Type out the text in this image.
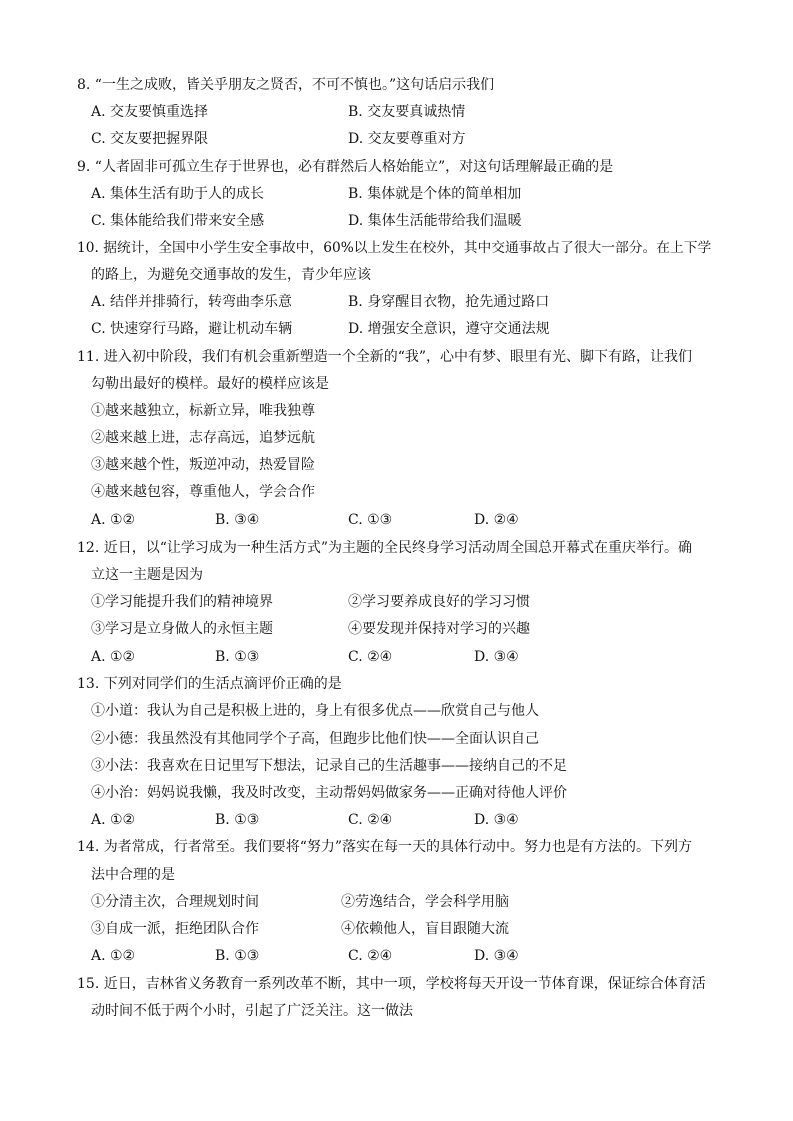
8. “一生之成败，皆关乎朋友之贤否，不可不慎也。”这句话启示我们
A. 交友要慎重选择	B. 交友要真诚热情
C. 交友要把握界限	D. 交友要尊重对方
9. “人者固非可孤立生存于世界也，必有群然后人格始能立”，对这句话理解最正确的是
A. 集体生活有助于人的成长	B. 集体就是个体的简单相加
C. 集体能给我们带来安全感	D. 集体生活能带给我们温暖
10. 据统计，全国中小学生安全事故中，60%以上发生在校外，其中交通事故占了很大一部分。在上下学
的路上，为避免交通事故的发生，青少年应该
A. 结伴并排骑行，转弯曲李乐意	B. 身穿醒目衣物，抢先通过路口
C. 快速穿行马路，避让机动车辆	D. 增强安全意识，遵守交通法规
11. 进入初中阶段，我们有机会重新塑造一个全新的“我”，心中有梦、眼里有光、脚下有路，让我们
勾勒出最好的模样。最好的模样应该是
①越来越独立，标新立异，唯我独尊
②越来越上进，志存高远，追梦远航
③越来越个性，叛逆冲动，热爱冒险
④越来越包容，尊重他人，学会合作
A. ①②	B. ③④	C. ①③	D. ②④
12. 近日，以“让学习成为一种生活方式”为主题的全民终身学习活动周全国总开幕式在重庆举行。确
立这一主题是因为
①学习能提升我们的精神境界	②学习要养成良好的学习习惯
③学习是立身做人的永恒主题	④要发现并保持对学习的兴趣
A. ①②	B. ①③	C. ②④	D. ③④
13. 下列对同学们的生活点滴评价正确的是
①小道：我认为自己是积极上进的，身上有很多优点——欣赏自己与他人
②小德：我虽然没有其他同学个子高，但跑步比他们快——全面认识自己
③小法：我喜欢在日记里写下想法，记录自己的生活趣事——接纳自己的不足
④小治：妈妈说我懒，我及时改变，主动帮妈妈做家务——正确对待他人评价
A. ①②	B. ①③	C. ②④	D. ③④
14. 为者常成，行者常至。我们要将“努力”落实在每一天的具体行动中。努力也是有方法的。下列方
法中合理的是
①分清主次，合理规划时间	②劳逸结合，学会科学用脑
③自成一派，拒绝团队合作	④依赖他人，盲目跟随大流
A. ①②	B. ①③	C. ②④	D. ③④
15. 近日，吉林省义务教育一系列改革不断，其中一项，学校将每天开设一节体育课，保证综合体育活
动时间不低于两个小时，引起了广泛关注。这一做法
